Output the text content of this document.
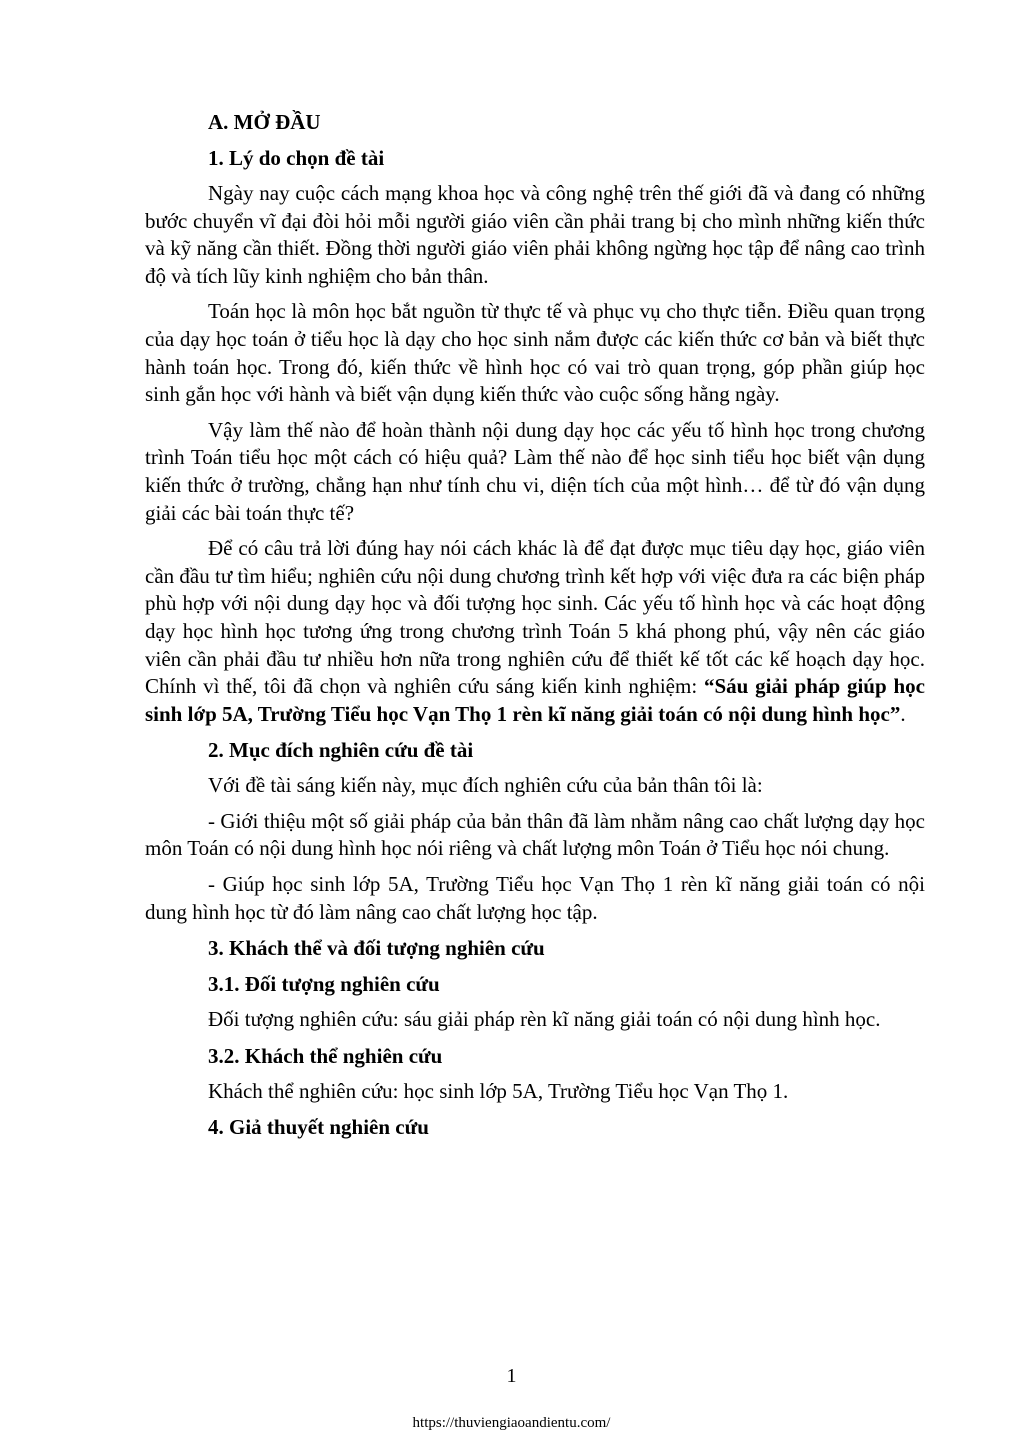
A. MỞ ĐẦU
1. Lý do chọn đề tài
Ngày nay cuộc cách mạng khoa học và công nghệ trên thế giới đã và đang có những bước chuyển vĩ đại đòi hỏi mỗi người giáo viên cần phải trang bị cho mình những kiến thức và kỹ năng cần thiết. Đồng thời người giáo viên phải không ngừng học tập để nâng cao trình độ và tích lũy kinh nghiệm cho bản thân.
Toán học là môn học bắt nguồn từ thực tế và phục vụ cho thực tiễn. Điều quan trọng của dạy học toán ở tiểu học là dạy cho học sinh nắm được các kiến thức cơ bản và biết thực hành toán học. Trong đó, kiến thức về hình học có vai trò quan trọng, góp phần giúp học sinh gắn học với hành và biết vận dụng kiến thức vào cuộc sống hằng ngày.
Vậy làm thế nào để hoàn thành nội dung dạy học các yếu tố hình học trong chương trình Toán tiểu học một cách có hiệu quả? Làm thế nào để học sinh tiểu học biết vận dụng kiến thức ở trường, chẳng hạn như tính chu vi, diện tích của một hình… để từ đó vận dụng giải các bài toán thực tế?
Để có câu trả lời đúng hay nói cách khác là để đạt được mục tiêu dạy học, giáo viên cần đầu tư tìm hiểu; nghiên cứu nội dung chương trình kết hợp với việc đưa ra các biện pháp phù hợp với nội dung dạy học và đối tượng học sinh. Các yếu tố hình học và các hoạt động dạy học hình học tương ứng trong chương trình Toán 5 khá phong phú, vậy nên các giáo viên cần phải đầu tư nhiều hơn nữa trong nghiên cứu để thiết kế tốt các kế hoạch dạy học. Chính vì thế, tôi đã chọn và nghiên cứu sáng kiến kinh nghiệm: “Sáu giải pháp giúp học sinh lớp 5A, Trường Tiểu học Vạn Thọ 1 rèn kĩ năng giải toán có nội dung hình học”.
2. Mục đích nghiên cứu đề tài
Với đề tài sáng kiến này, mục đích nghiên cứu của bản thân tôi là:
- Giới thiệu một số giải pháp của bản thân đã làm nhằm nâng cao chất lượng dạy học môn Toán có nội dung hình học nói riêng và chất lượng môn Toán ở Tiểu học nói chung.
- Giúp học sinh lớp 5A, Trường Tiểu học Vạn Thọ 1 rèn kĩ năng giải toán có nội dung hình học từ đó làm nâng cao chất lượng học tập.
3. Khách thể và đối tượng nghiên cứu
3.1. Đối tượng nghiên cứu
Đối tượng nghiên cứu: sáu giải pháp rèn kĩ năng giải toán có nội dung hình học.
3.2. Khách thể nghiên cứu
Khách thể nghiên cứu: học sinh lớp 5A, Trường Tiểu học Vạn Thọ 1.
4. Giả thuyết nghiên cứu
1
https://thuviengiaoandientu.com/
